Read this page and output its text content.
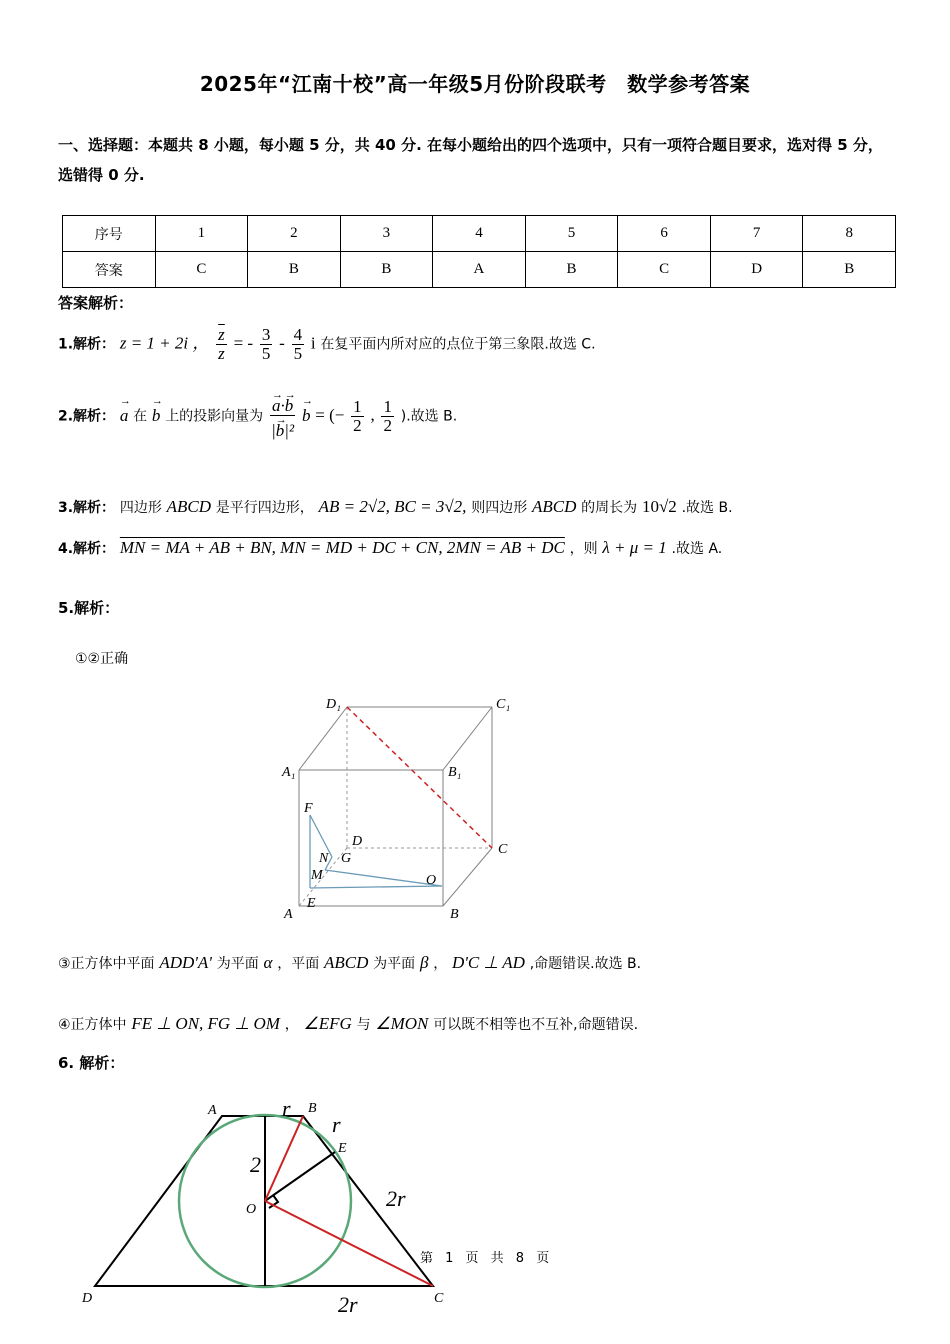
2025年“江南十校”高一年级5月份阶段联考　数学参考答案
一、选择题：本题共 8 小题，每小题 5 分，共 40 分. 在每小题给出的四个选项中，只有一项符合题目要求，选对得 5 分，选错得 0 分.
序号	1	2	3	4	5	6	7	8
答案	C	B	B	A	B	C	D	B
答案解析：
1.解析： z = 1 + 2i ， $\frac{\overline{z}}{z}$ = - $\frac{3}{5} - \frac{4}{5}$ i 在复平面内所对应的点位于第三象限.故选 C.
2.解析： → a 在 → b 上的投影向量为 → $\frac{a\cdot\to b}{\text{|→ b|²}} \to b$ = (− $\frac{1}{2}$ , $\frac{1}{2}$ ).故选 B.
3.解析： 四边形 ABCD 是平行四边形， AB = 2√2, BC = 3√2, 则四边形 ABCD 的周长为 10√2 .故选 B.
4.解析： MN = MA + AB + BN, MN = MD + DC + CN, 2MN = AB + DC ，则 λ + μ = 1 .故选 A.
5.解析：
①②正确
D₁	C₁
A₁	B₁
D
C
A	B
F
N G
M	O
E
③正方体中平面 ADD'A' 为平面 α ，平面 ABCD 为平面 β ， D'C ⊥ AD ,命题错误.故选 B.
④正方体中 FE ⊥ ON, FG ⊥ OM ， ∠EFG 与 ∠MON 可以既不相等也不互补,命题错误.
6. 解析：
A	B
E
O
D	C
r
r
2
2r
2r
第 1 页 共 8 页
